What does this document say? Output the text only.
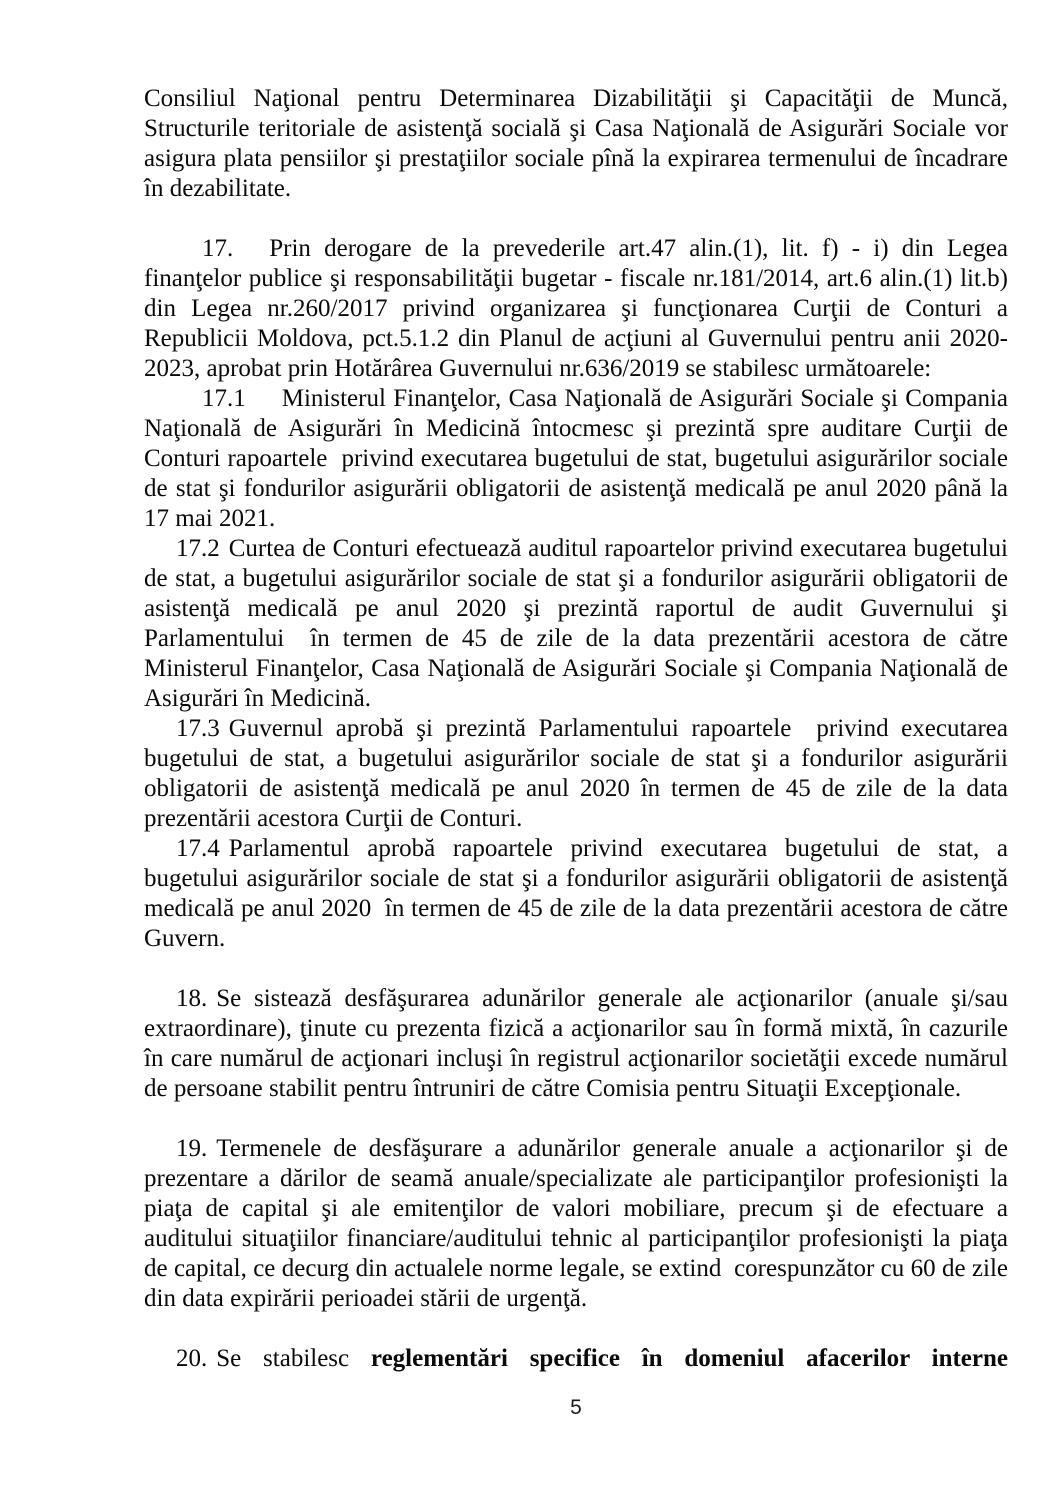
Consiliul Naţional pentru Determinarea Dizabilităţii şi Capacităţii de Muncă, Structurile teritoriale de asistenţă socială şi Casa Naţională de Asigurări Sociale vor asigura plata pensiilor şi prestaţiilor sociale pînă la expirarea termenului de încadrare în dezabilitate.

17. Prin derogare de la prevederile art.47 alin.(1), lit. f) - i) din Legea finanţelor publice şi responsabilităţii bugetar - fiscale nr.181/2014, art.6 alin.(1) lit.b) din Legea nr.260/2017 privind organizarea şi funcţionarea Curţii de Conturi a Republicii Moldova, pct.5.1.2 din Planul de acţiuni al Guvernului pentru anii 2020-2023, aprobat prin Hotărârea Guvernului nr.636/2019 se stabilesc următoarele:

17.1 Ministerul Finanţelor, Casa Naţională de Asigurări Sociale şi Compania Naţională de Asigurări în Medicină întocmesc şi prezintă spre auditare Curţii de Conturi rapoartele  privind executarea bugetului de stat, bugetului asigurărilor sociale de stat şi fondurilor asigurării obligatorii de asistenţă medicală pe anul 2020 până la 17 mai 2021.

17.2 Curtea de Conturi efectuează auditul rapoartelor privind executarea bugetului de stat, a bugetului asigurărilor sociale de stat şi a fondurilor asigurării obligatorii de asistenţă medicală pe anul 2020 şi prezintă raportul de audit Guvernului şi Parlamentului  în termen de 45 de zile de la data prezentării acestora de către Ministerul Finanţelor, Casa Naţională de Asigurări Sociale şi Compania Naţională de Asigurări în Medicină.

17.3 Guvernul aprobă şi prezintă Parlamentului rapoartele  privind executarea bugetului de stat, a bugetului asigurărilor sociale de stat şi a fondurilor asigurării obligatorii de asistenţă medicală pe anul 2020 în termen de 45 de zile de la data prezentării acestora Curţii de Conturi.

17.4 Parlamentul aprobă rapoartele privind executarea bugetului de stat, a bugetului asigurărilor sociale de stat şi a fondurilor asigurării obligatorii de asistenţă medicală pe anul 2020  în termen de 45 de zile de la data prezentării acestora de către Guvern.

18. Se sistează desfăşurarea adunărilor generale ale acţionarilor (anuale şi/sau extraordinare), ţinute cu prezenta fizică a acţionarilor sau în formă mixtă, în cazurile în care numărul de acţionari incluşi în registrul acţionarilor societăţii excede numărul de persoane stabilit pentru întruniri de către Comisia pentru Situaţii Excepţionale.

19. Termenele de desfăşurare a adunărilor generale anuale a acţionarilor şi de prezentare a dărilor de seamă anuale/specializate ale participanţilor profesionişti la piaţa de capital şi ale emitenţilor de valori mobiliare, precum şi de efectuare a auditului situaţiilor financiare/auditului tehnic al participanţilor profesionişti la piaţa de capital, ce decurg din actualele norme legale, se extind  corespunzător cu 60 de zile din data expirării perioadei stării de urgenţă.

20. Se stabilesc reglementări specifice în domeniul afacerilor interne

5
